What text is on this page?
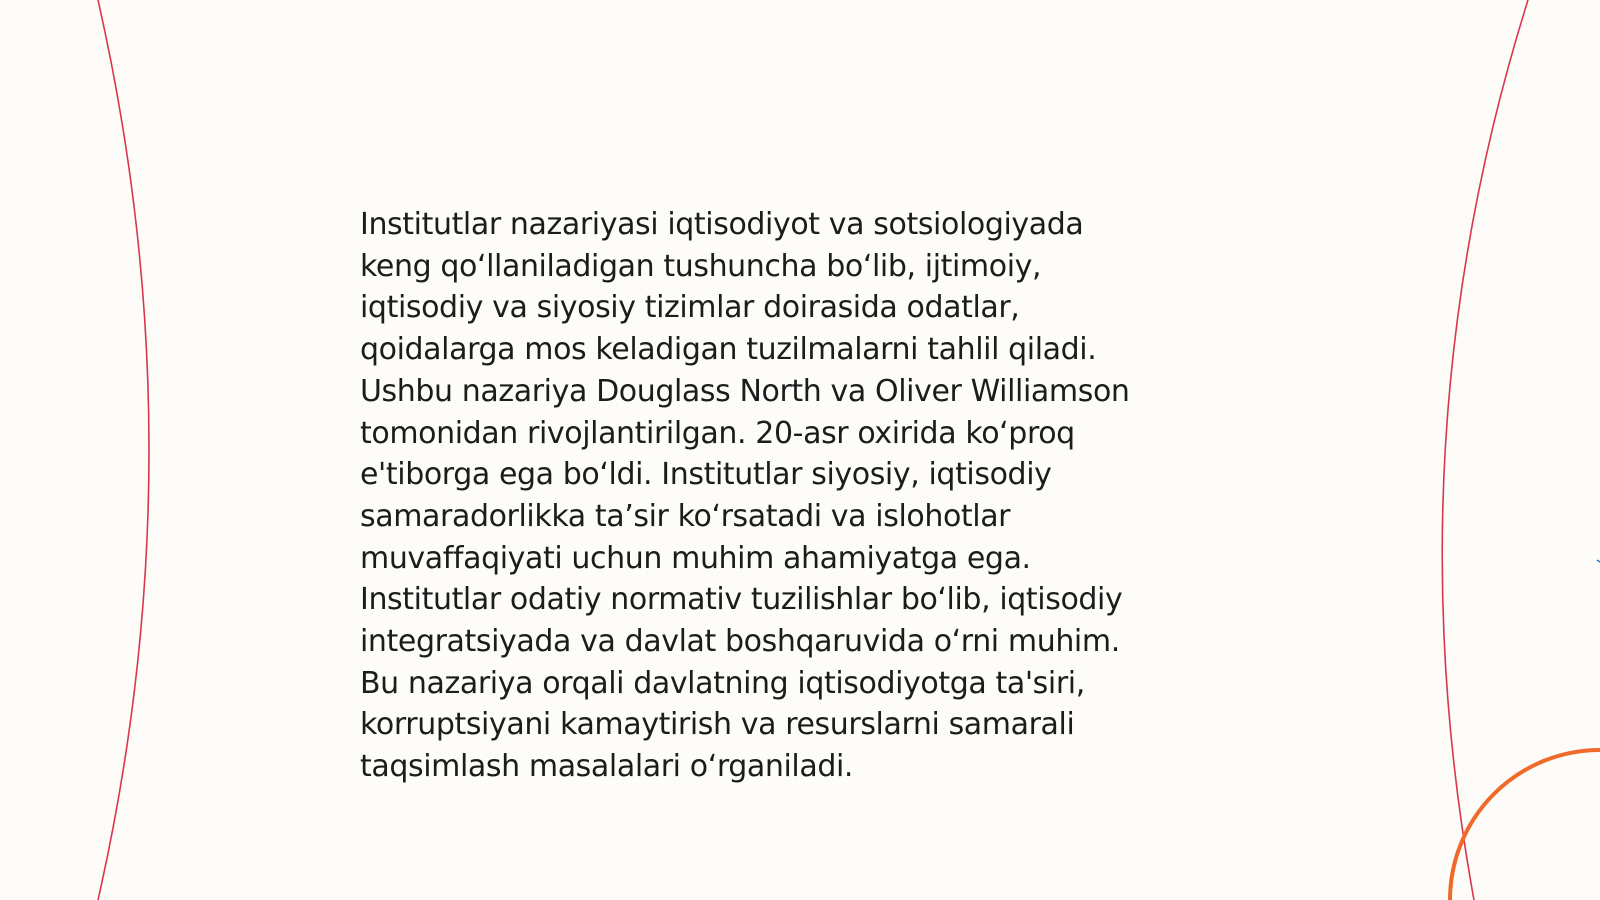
Institutlar nazariyasi iqtisodiyot va sotsiologiyada
keng qo‘llaniladigan tushuncha bo‘lib, ijtimoiy,
iqtisodiy va siyosiy tizimlar doirasida odatlar,
qoidalarga mos keladigan tuzilmalarni tahlil qiladi.
Ushbu nazariya Douglass North va Oliver Williamson
tomonidan rivojlantirilgan. 20-asr oxirida ko‘proq
e'tiborga ega bo‘ldi. Institutlar siyosiy, iqtisodiy
samaradorlikka ta’sir ko‘rsatadi va islohotlar
muvaffaqiyati uchun muhim ahamiyatga ega.
Institutlar odatiy normativ tuzilishlar bo‘lib, iqtisodiy
integratsiyada va davlat boshqaruvida o‘rni muhim.
Bu nazariya orqali davlatning iqtisodiyotga ta'siri,
korruptsiyani kamaytirish va resurslarni samarali
taqsimlash masalalari o‘rganiladi.
